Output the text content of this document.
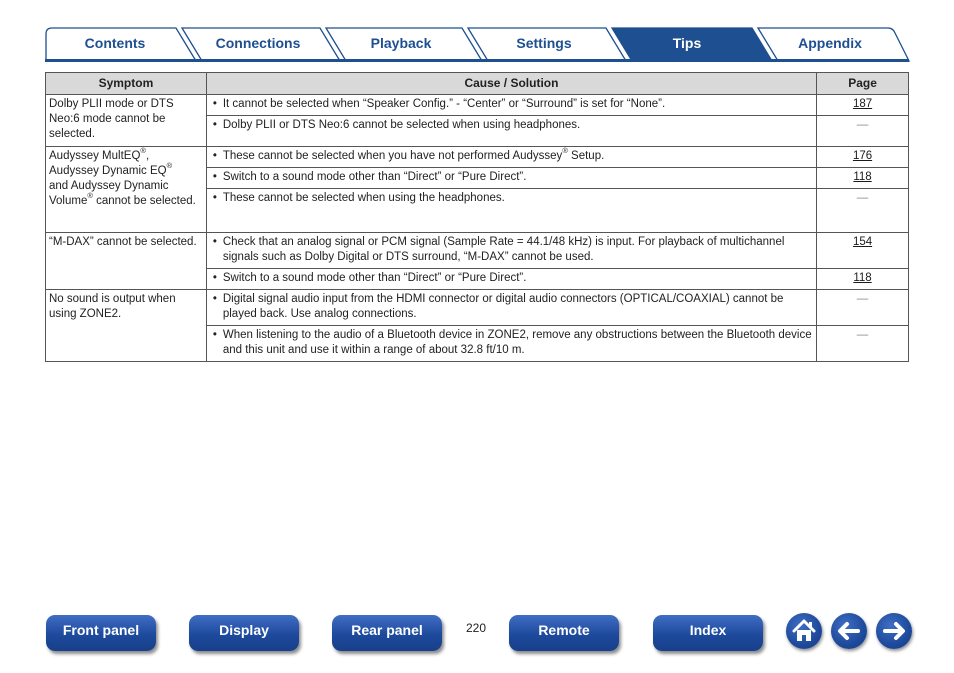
Contents	Connections	Playback	Settings	Tips	Appendix
Symptom	Cause / Solution	Page
Dolby PLII mode or DTS Neo:6 mode cannot be selected.	• It cannot be selected when “Speaker Config.” - “Center” or “Surround” is set for “None”.	187

	• Dolby PLII or DTS Neo:6 cannot be selected when using headphones.	—
Audyssey MultEQ®,
Audyssey Dynamic EQ®
and Audyssey Dynamic Volume® cannot be selected.	• These cannot be selected when you have not performed Audyssey® Setup.	176

	• Switch to a sound mode other than “Direct” or “Pure Direct”.	118

	• These cannot be selected when using the headphones.	—
“M-DAX” cannot be selected.	• Check that an analog signal or PCM signal (Sample Rate = 44.1/48 kHz) is input. For playback of multichannel signals such as Dolby Digital or DTS surround, “M-DAX” cannot be used.	154

	• Switch to a sound mode other than “Direct” or “Pure Direct”.	118
No sound is output when using ZONE2.	• Digital signal audio input from the HDMI connector or digital audio connectors (OPTICAL/COAXIAL) cannot be played back. Use analog connections.	—

	• When listening to the audio of a Bluetooth device in ZONE2, remove any obstructions between the Bluetooth device and this unit and use it within a range of about 32.8 ft/10 m.	—
Front panel	Display	Rear panel	220	Remote	Index
